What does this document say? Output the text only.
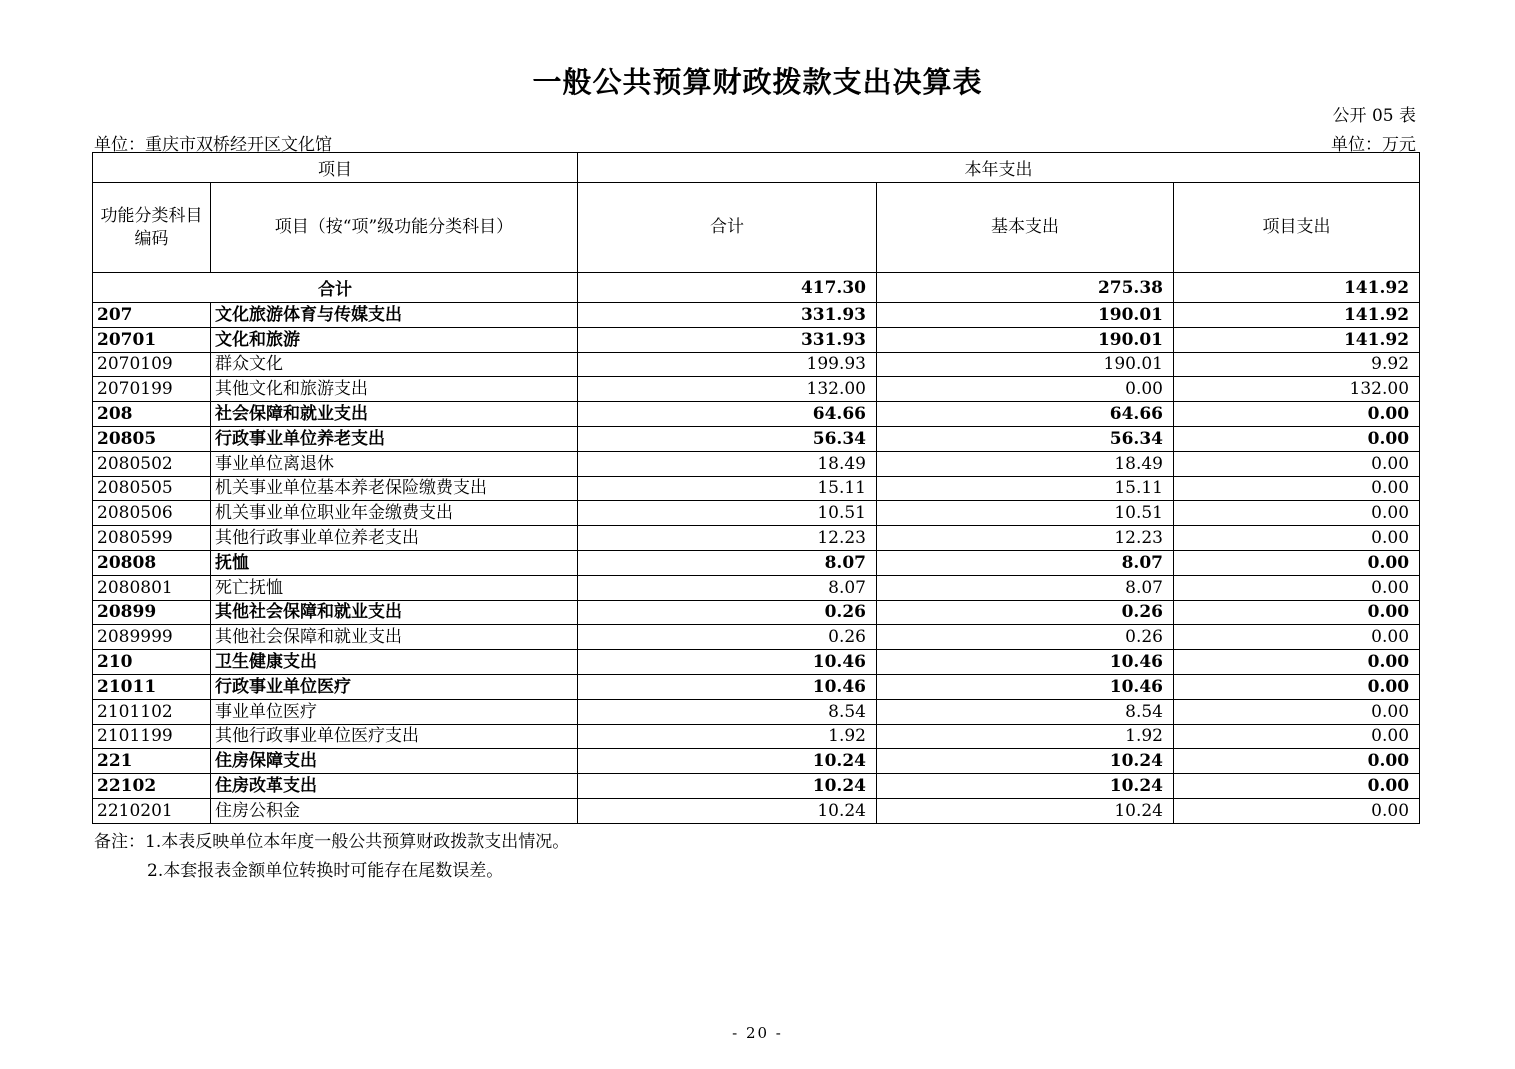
一般公共预算财政拨款支出决算表
公开 05 表
单位：重庆市双桥经开区文化馆	单位：万元
项目		本年支出		
功能分类科目编码	项目（按“项”级功能分类科目）	合计	基本支出	项目支出
合计		417.30	275.38	141.92
207	文化旅游体育与传媒支出	331.93	190.01	141.92
20701	文化和旅游	331.93	190.01	141.92
2070109	群众文化	199.93	190.01	9.92
2070199	其他文化和旅游支出	132.00	0.00	132.00
208	社会保障和就业支出	64.66	64.66	0.00
20805	行政事业单位养老支出	56.34	56.34	0.00
2080502	事业单位离退休	18.49	18.49	0.00
2080505	机关事业单位基本养老保险缴费支出	15.11	15.11	0.00
2080506	机关事业单位职业年金缴费支出	10.51	10.51	0.00
2080599	其他行政事业单位养老支出	12.23	12.23	0.00
20808	抚恤	8.07	8.07	0.00
2080801	死亡抚恤	8.07	8.07	0.00
20899	其他社会保障和就业支出	0.26	0.26	0.00
2089999	其他社会保障和就业支出	0.26	0.26	0.00
210	卫生健康支出	10.46	10.46	0.00
21011	行政事业单位医疗	10.46	10.46	0.00
2101102	事业单位医疗	8.54	8.54	0.00
2101199	其他行政事业单位医疗支出	1.92	1.92	0.00
221	住房保障支出	10.24	10.24	0.00
22102	住房改革支出	10.24	10.24	0.00
2210201	住房公积金	10.24	10.24	0.00
备注：1.本表反映单位本年度一般公共预算财政拨款支出情况。
2.本套报表金额单位转换时可能存在尾数误差。
- 20 -
